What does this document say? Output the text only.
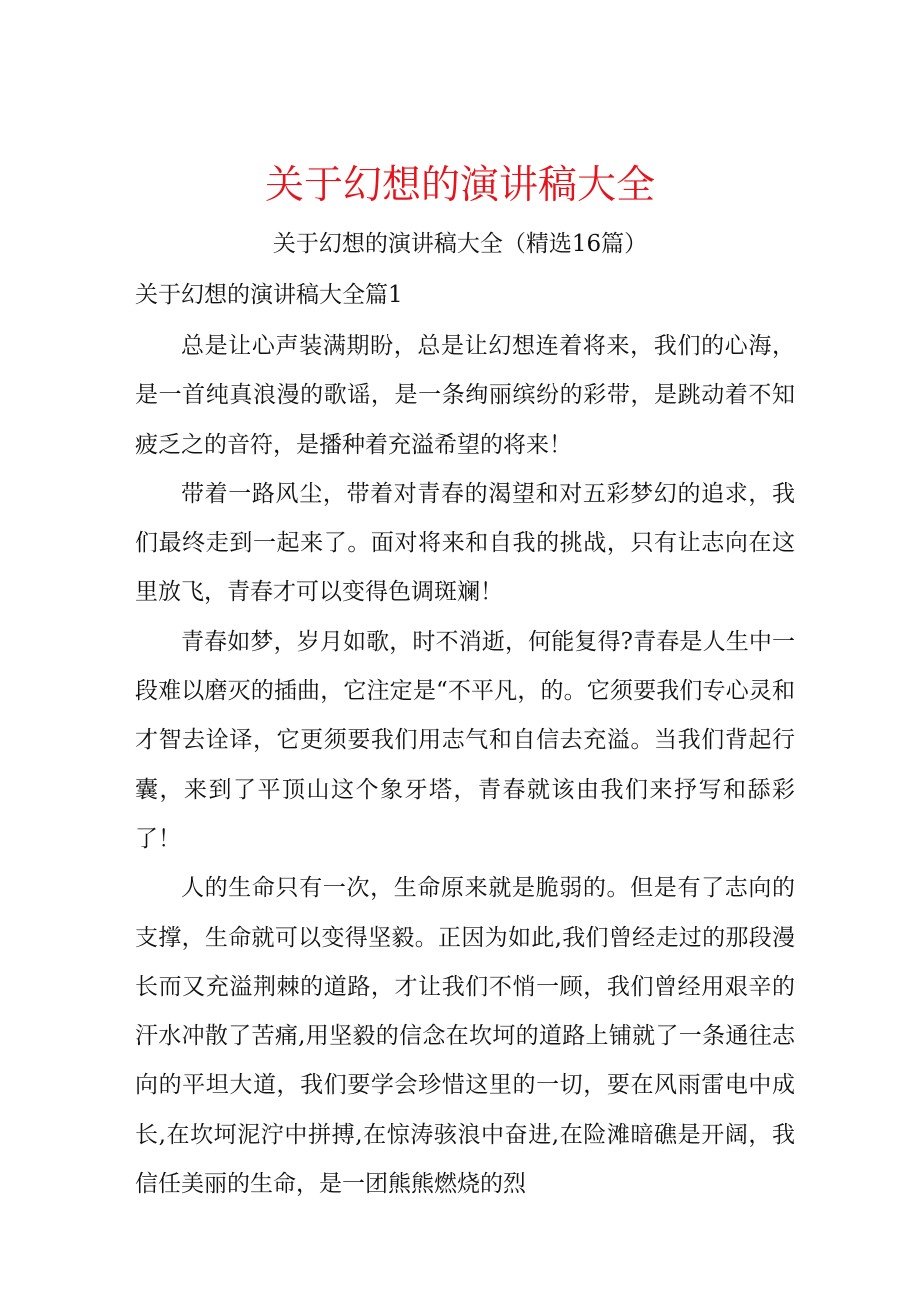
关于幻想的演讲稿大全
关于幻想的演讲稿大全（精选16篇）
关于幻想的演讲稿大全篇1

总是让心声装满期盼，总是让幻想连着将来，我们的心海，是一首纯真浪漫的歌谣，是一条绚丽缤纷的彩带，是跳动着不知疲乏之的音符，是播种着充溢希望的将来！

带着一路风尘，带着对青春的渴望和对五彩梦幻的追求，我们最终走到一起来了。面对将来和自我的挑战，只有让志向在这里放飞，青春才可以变得色调斑斓！

青春如梦，岁月如歌，时不消逝，何能复得?青春是人生中一段难以磨灭的插曲，它注定是“不平凡，的。它须要我们专心灵和才智去诠译，它更须要我们用志气和自信去充溢。当我们背起行囊，来到了平顶山这个象牙塔，青春就该由我们来抒写和舔彩了！

人的生命只有一次，生命原来就是脆弱的。但是有了志向的支撑，生命就可以变得坚毅。正因为如此,我们曾经走过的那段漫长而又充溢荆棘的道路，才让我们不悄一顾，我们曾经用艰辛的汗水冲散了苦痛,用坚毅的信念在坎坷的道路上铺就了一条通往志向的平坦大道，我们要学会珍惜这里的一切，要在风雨雷电中成长,在坎坷泥泞中拼搏,在惊涛骇浪中奋进,在险滩暗礁是开阔，我信任美丽的生命，是一团熊熊燃烧的烈
